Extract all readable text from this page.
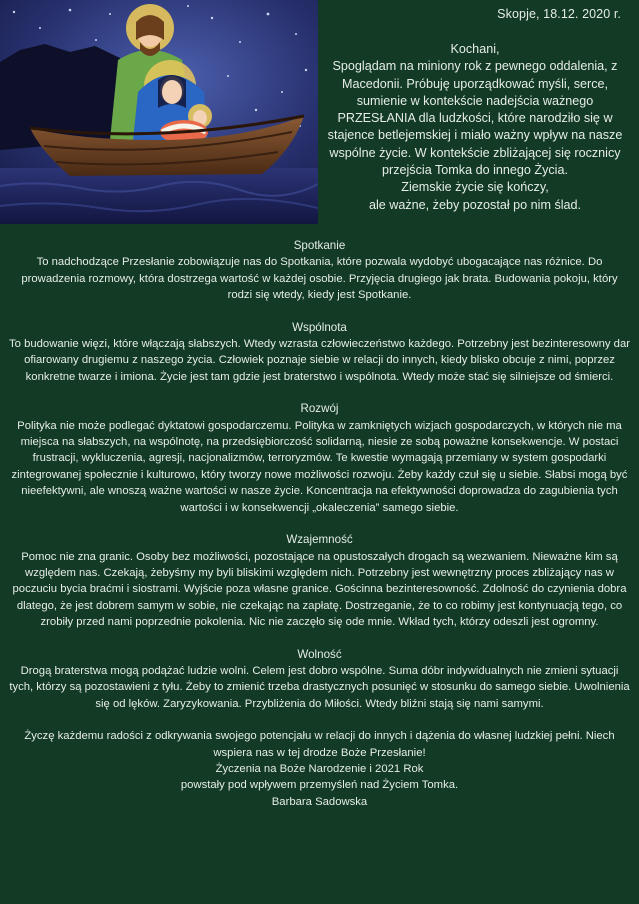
Skopje, 18.12. 2020 r.

Kochani,

Spoglądam na miniony rok z pewnego oddalenia, z Macedonii. Próbuję uporządkować myśli, serce, sumienie w kontekście nadejścia ważnego PRZESŁANIA dla ludzkości, które narodziło się w stajence betlejemskiej i miało ważny wpływ na nasze wspólne życie. W kontekście zbliżającej się rocznicy przejścia Tomka do innego Życia.

Ziemskie życie się kończy,

ale ważne, żeby pozostał po nim ślad.

Spotkanie

To nadchodzące Przesłanie zobowiązuje nas do Spotkania, które pozwala wydobyć ubogacające nas różnice. Do prowadzenia rozmowy, która dostrzega wartość w każdej osobie. Przyjęcia drugiego jak brata. Budowania pokoju, który rodzi się wtedy, kiedy jest Spotkanie.

Wspólnota

To budowanie więzi, które włączają słabszych. Wtedy wzrasta człowieczeństwo każdego. Potrzebny jest bezinteresowny dar ofiarowany drugiemu z naszego życia. Człowiek poznaje siebie w relacji do innych, kiedy blisko obcuje z nimi, poprzez konkretne twarze i imiona. Życie jest tam gdzie jest braterstwo i wspólnota. Wtedy może stać się silniejsze od śmierci.

Rozwój

Polityka nie może podlegać dyktatowi gospodarczemu. Polityka w zamkniętych wizjach gospodarczych, w których nie ma miejsca na słabszych, na wspólnotę, na przedsiębiorczość solidarną, niesie ze sobą poważne konsekwencje. W postaci frustracji, wykluczenia, agresji, nacjonalizmów, terroryzmów. Te kwestie wymagają przemiany w system gospodarki zintegrowanej społecznie i kulturowo, który tworzy nowe możliwości rozwoju. Żeby każdy czuł się u siebie. Słabsi mogą być nieefektywni, ale wnoszą ważne wartości w nasze życie. Koncentracja na efektywności doprowadza do zagubienia tych wartości i w konsekwencji „okaleczenia” samego siebie.

Wzajemność

Pomoc nie zna granic. Osoby bez możliwości, pozostające na opustoszałych drogach są wezwaniem. Nieważne kim są względem nas. Czekają, żebyśmy my byli bliskimi względem nich. Potrzebny jest wewnętrzny proces zbliżający nas w poczuciu bycia braćmi i siostrami. Wyjście poza własne granice. Gościnna bezinteresowność. Zdolność do czynienia dobra dlatego, że jest dobrem samym w sobie, nie czekając na zapłatę. Dostrzeganie, że to co robimy jest kontynuacją tego, co zrobiły przed nami poprzednie pokolenia. Nic nie zaczęło się ode mnie. Wkład tych, którzy odeszli jest ogromny.

Wolność

Drogą braterstwa mogą podążać ludzie wolni. Celem jest dobro wspólne. Suma dóbr indywidualnych nie zmieni sytuacji tych, którzy są pozostawieni z tyłu. Żeby to zmienić trzeba drastycznych posunięć w stosunku do samego siebie. Uwolnienia się od lęków. Zaryzykowania. Przybliżenia do Miłości. Wtedy bliźni stają się nami samymi.

Życzę każdemu radości z odkrywania swojego potencjału w relacji do innych i dążenia do własnej ludzkiej pełni. Niech wspiera nas w tej drodze Boże Przesłanie!

Życzenia na Boże Narodzenie i 2021 Rok

powstały pod wpływem przemyśleń nad Życiem Tomka.

Barbara Sadowska
